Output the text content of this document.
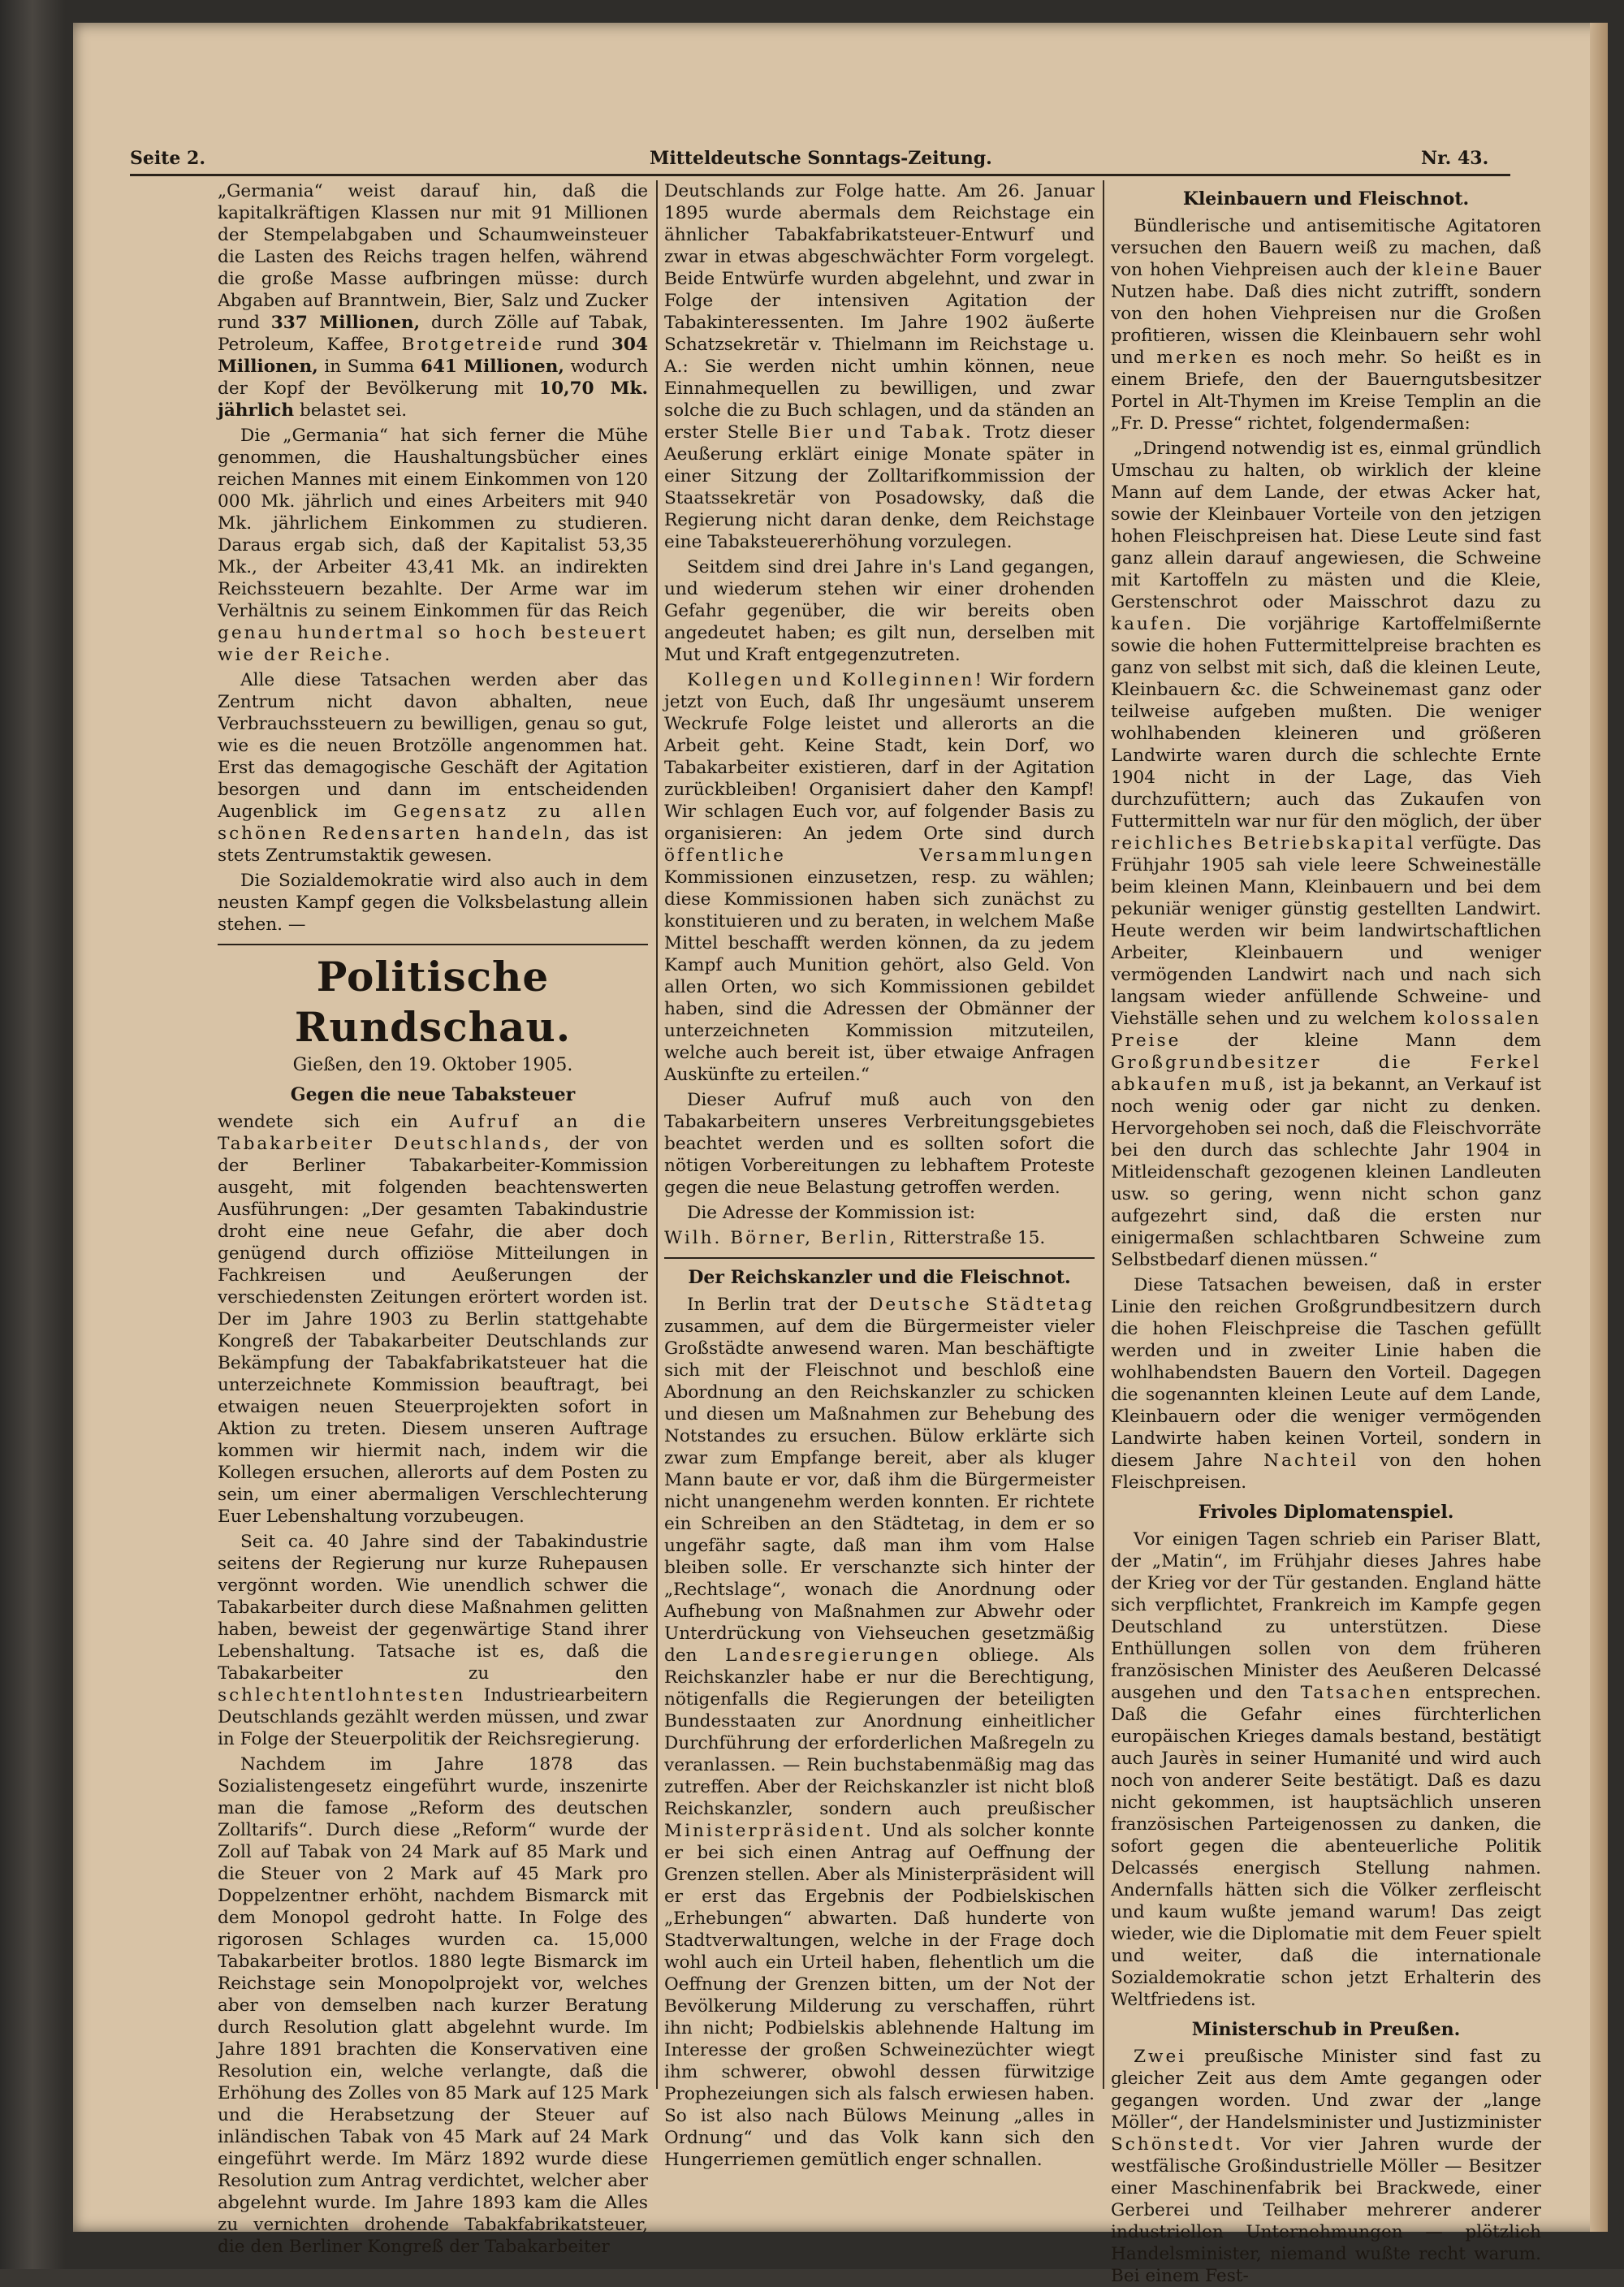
Seite 2.	Mitteldeutsche Sonntags-Zeitung.	Nr. 43.

„Germania“ weist darauf hin, daß die kapitalkräftigen Klassen nur mit 91 Millionen der Stempelabgaben und Schaumweinsteuer die Lasten des Reichs tragen helfen, während die große Masse aufbringen müsse: durch Abgaben auf Branntwein, Bier, Salz und Zucker rund 337 Millionen, durch Zölle auf Tabak, Petroleum, Kaffee, Brotgetreide rund 304 Millionen, in Summa 641 Millionen, wodurch der Kopf der Bevölkerung mit 10,70 Mk. jährlich belastet sei.

Die „Germania“ hat sich ferner die Mühe genommen, die Haushaltungsbücher eines reichen Mannes mit einem Einkommen von 120 000 Mk. jährlich und eines Arbeiters mit 940 Mk. jährlichem Einkommen zu studieren. Daraus ergab sich, daß der Kapitalist 53,35 Mk., der Arbeiter 43,41 Mk. an indirekten Reichssteuern bezahlte. Der Arme war im Verhältnis zu seinem Einkommen für das Reich genau hundertmal so hoch besteuert wie der Reiche.

Alle diese Tatsachen werden aber das Zentrum nicht davon abhalten, neue Verbrauchssteuern zu bewilligen, genau so gut, wie es die neuen Brotzölle angenommen hat. Erst das demagogische Geschäft der Agitation besorgen und dann im entscheidenden Augenblick im Gegensatz zu allen schönen Redensarten handeln, das ist stets Zentrumstaktik gewesen.

Die Sozialdemokratie wird also auch in dem neusten Kampf gegen die Volksbelastung allein stehen. —

Politische Rundschau.
Gießen, den 19. Oktober 1905.
Gegen die neue Tabaksteuer

wendete sich ein Aufruf an die Tabakarbeiter Deutschlands, der von der Berliner Tabakarbeiter-Kommission ausgeht, mit folgenden beachtenswerten Ausführungen: „Der gesamten Tabakindustrie droht eine neue Gefahr, die aber doch genügend durch offiziöse Mitteilungen in Fachkreisen und Aeußerungen der verschiedensten Zeitungen erörtert worden ist. Der im Jahre 1903 zu Berlin stattgehabte Kongreß der Tabakarbeiter Deutschlands zur Bekämpfung der Tabakfabrikatsteuer hat die unterzeichnete Kommission beauftragt, bei etwaigen neuen Steuerprojekten sofort in Aktion zu treten. Diesem unseren Auftrage kommen wir hiermit nach, indem wir die Kollegen ersuchen, allerorts auf dem Posten zu sein, um einer abermaligen Verschlechterung Euer Lebenshaltung vorzubeugen.

Seit ca. 40 Jahre sind der Tabakindustrie seitens der Regierung nur kurze Ruhepausen vergönnt worden. Wie unendlich schwer die Tabakarbeiter durch diese Maßnahmen gelitten haben, beweist der gegenwärtige Stand ihrer Lebenshaltung. Tatsache ist es, daß die Tabakarbeiter zu den schlechtentlohntesten Industriearbeitern Deutschlands gezählt werden müssen, und zwar in Folge der Steuerpolitik der Reichsregierung.

Nachdem im Jahre 1878 das Sozialistengesetz eingeführt wurde, inszenirte man die famose „Reform des deutschen Zolltarifs“. Durch diese „Reform“ wurde der Zoll auf Tabak von 24 Mark auf 85 Mark und die Steuer von 2 Mark auf 45 Mark pro Doppelzentner erhöht, nachdem Bismarck mit dem Monopol gedroht hatte. In Folge des rigorosen Schlages wurden ca. 15,000 Tabakarbeiter brotlos. 1880 legte Bismarck im Reichstage sein Monopolprojekt vor, welches aber von demselben nach kurzer Beratung durch Resolution glatt abgelehnt wurde. Im Jahre 1891 brachten die Konservativen eine Resolution ein, welche verlangte, daß die Erhöhung des Zolles von 85 Mark auf 125 Mark und die Herabsetzung der Steuer auf inländischen Tabak von 45 Mark auf 24 Mark eingeführt werde. Im März 1892 wurde diese Resolution zum Antrag verdichtet, welcher aber abgelehnt wurde. Im Jahre 1893 kam die Alles zu vernichten drohende Tabakfabrikatsteuer, die den Berliner Kongreß der Tabakarbeiter

Deutschlands zur Folge hatte. Am 26. Januar 1895 wurde abermals dem Reichstage ein ähnlicher Tabakfabrikatsteuer-Entwurf und zwar in etwas abgeschwächter Form vorgelegt. Beide Entwürfe wurden abgelehnt, und zwar in Folge der intensiven Agitation der Tabakinteressenten. Im Jahre 1902 äußerte Schatzsekretär v. Thielmann im Reichstage u. A.: Sie werden nicht umhin können, neue Einnahmequellen zu bewilligen, und zwar solche die zu Buch schlagen, und da ständen an erster Stelle Bier und Tabak. Trotz dieser Aeußerung erklärt einige Monate später in einer Sitzung der Zolltarifkommission der Staatssekretär von Posadowsky, daß die Regierung nicht daran denke, dem Reichstage eine Tabaksteuererhöhung vorzulegen.

Seitdem sind drei Jahre in's Land gegangen, und wiederum stehen wir einer drohenden Gefahr gegenüber, die wir bereits oben angedeutet haben; es gilt nun, derselben mit Mut und Kraft entgegenzutreten.

Kollegen und Kolleginnen! Wir fordern jetzt von Euch, daß Ihr ungesäumt unserem Weckrufe Folge leistet und allerorts an die Arbeit geht. Keine Stadt, kein Dorf, wo Tabakarbeiter existieren, darf in der Agitation zurückbleiben! Organisiert daher den Kampf! Wir schlagen Euch vor, auf folgender Basis zu organisieren: An jedem Orte sind durch öffentliche Versammlungen Kommissionen einzusetzen, resp. zu wählen; diese Kommissionen haben sich zunächst zu konstituieren und zu beraten, in welchem Maße Mittel beschafft werden können, da zu jedem Kampf auch Munition gehört, also Geld. Von allen Orten, wo sich Kommissionen gebildet haben, sind die Adressen der Obmänner der unterzeichneten Kommission mitzuteilen, welche auch bereit ist, über etwaige Anfragen Auskünfte zu erteilen.“

Dieser Aufruf muß auch von den Tabakarbeitern unseres Verbreitungsgebietes beachtet werden und es sollten sofort die nötigen Vorbereitungen zu lebhaftem Proteste gegen die neue Belastung getroffen werden.

Die Adresse der Kommission ist:

Wilh. Börner, Berlin, Ritterstraße 15.

Der Reichskanzler und die Fleischnot.

In Berlin trat der Deutsche Städtetag zusammen, auf dem die Bürgermeister vieler Großstädte anwesend waren. Man beschäftigte sich mit der Fleischnot und beschloß eine Abordnung an den Reichskanzler zu schicken und diesen um Maßnahmen zur Behebung des Notstandes zu ersuchen. Bülow erklärte sich zwar zum Empfange bereit, aber als kluger Mann baute er vor, daß ihm die Bürgermeister nicht unangenehm werden konnten. Er richtete ein Schreiben an den Städtetag, in dem er so ungefähr sagte, daß man ihm vom Halse bleiben solle. Er verschanzte sich hinter der „Rechtslage“, wonach die Anordnung oder Aufhebung von Maßnahmen zur Abwehr oder Unterdrückung von Viehseuchen gesetzmäßig den Landesregierungen obliege. Als Reichskanzler habe er nur die Berechtigung, nötigenfalls die Regierungen der beteiligten Bundesstaaten zur Anordnung einheitlicher Durchführung der erforderlichen Maßregeln zu veranlassen. — Rein buchstabenmäßig mag das zutreffen. Aber der Reichskanzler ist nicht bloß Reichskanzler, sondern auch preußischer Ministerpräsident. Und als solcher konnte er bei sich einen Antrag auf Oeffnung der Grenzen stellen. Aber als Ministerpräsident will er erst das Ergebnis der Podbielskischen „Erhebungen“ abwarten. Daß hunderte von Stadtverwaltungen, welche in der Frage doch wohl auch ein Urteil haben, flehentlich um die Oeffnung der Grenzen bitten, um der Not der Bevölkerung Milderung zu verschaffen, rührt ihn nicht; Podbielskis ablehnende Haltung im Interesse der großen Schweinezüchter wiegt ihm schwerer, obwohl dessen fürwitzige Prophezeiungen sich als falsch erwiesen haben. So ist also nach Bülows Meinung „alles in Ordnung“ und das Volk kann sich den Hungerriemen gemütlich enger schnallen.

Kleinbauern und Fleischnot.

Bündlerische und antisemitische Agitatoren versuchen den Bauern weiß zu machen, daß von hohen Viehpreisen auch der kleine Bauer Nutzen habe. Daß dies nicht zutrifft, sondern von den hohen Viehpreisen nur die Großen profitieren, wissen die Kleinbauern sehr wohl und merken es noch mehr. So heißt es in einem Briefe, den der Bauerngutsbesitzer Portel in Alt-Thymen im Kreise Templin an die „Fr. D. Presse“ richtet, folgendermaßen:

„Dringend notwendig ist es, einmal gründlich Umschau zu halten, ob wirklich der kleine Mann auf dem Lande, der etwas Acker hat, sowie der Kleinbauer Vorteile von den jetzigen hohen Fleischpreisen hat. Diese Leute sind fast ganz allein darauf angewiesen, die Schweine mit Kartoffeln zu mästen und die Kleie, Gerstenschrot oder Maisschrot dazu zu kaufen. Die vorjährige Kartoffelmißernte sowie die hohen Futtermittelpreise brachten es ganz von selbst mit sich, daß die kleinen Leute, Kleinbauern &c. die Schweinemast ganz oder teilweise aufgeben mußten. Die weniger wohlhabenden kleineren und größeren Landwirte waren durch die schlechte Ernte 1904 nicht in der Lage, das Vieh durchzufüttern; auch das Zukaufen von Futtermitteln war nur für den möglich, der über reichliches Betriebskapital verfügte. Das Frühjahr 1905 sah viele leere Schweineställe beim kleinen Mann, Kleinbauern und bei dem pekuniär weniger günstig gestellten Landwirt. Heute werden wir beim landwirtschaftlichen Arbeiter, Kleinbauern und weniger vermögenden Landwirt nach und nach sich langsam wieder anfüllende Schweine- und Viehställe sehen und zu welchem kolossalen Preise	der kleine Mann dem Großgrundbesitzer die Ferkel abkaufen muß, ist ja bekannt, an Verkauf ist noch wenig oder gar nicht zu denken. Hervorgehoben sei noch, daß die Fleischvorräte bei den durch das schlechte Jahr 1904 in Mitleidenschaft gezogenen kleinen Landleuten usw. so gering, wenn nicht schon ganz aufgezehrt sind, daß die ersten nur einigermaßen schlachtbaren Schweine zum Selbstbedarf dienen müssen.“

Diese Tatsachen beweisen, daß in erster Linie den reichen Großgrundbesitzern durch die hohen Fleischpreise die Taschen gefüllt werden und in zweiter Linie haben die wohlhabendsten Bauern den Vorteil. Dagegen die sogenannten kleinen Leute auf dem Lande, Kleinbauern oder die weniger vermögenden Landwirte haben keinen Vorteil, sondern in diesem Jahre Nachteil von den hohen Fleischpreisen.

Frivoles Diplomatenspiel.

Vor einigen Tagen schrieb ein Pariser Blatt, der „Matin“, im Frühjahr dieses Jahres habe der Krieg vor der Tür gestanden. England hätte sich verpflichtet, Frankreich im Kampfe gegen Deutschland zu unterstützen. Diese Enthüllungen sollen von dem früheren französischen Minister des Aeußeren Delcassé ausgehen und den Tatsachen entsprechen. Daß die Gefahr eines fürchterlichen europäischen Krieges damals bestand, bestätigt auch Jaurès in seiner Humanité und wird auch noch von anderer Seite bestätigt. Daß es dazu nicht gekommen, ist hauptsächlich unseren französischen Parteigenossen zu danken, die sofort gegen die abenteuerliche Politik Delcassés energisch Stellung nahmen. Andernfalls hätten sich die Völker zerfleischt und kaum wußte jemand warum! Das zeigt wieder, wie die Diplomatie mit dem Feuer spielt und weiter, daß die internationale Sozialdemokratie schon jetzt Erhalterin des Weltfriedens ist.

Ministerschub in Preußen.

Zwei preußische Minister sind fast zu gleicher Zeit aus dem Amte gegangen oder gegangen worden. Und zwar der „lange Möller“, der Handelsminister und Justizminister Schönstedt. Vor vier Jahren wurde der westfälische Großindustrielle Möller — Besitzer einer Maschinenfabrik bei Brackwede, einer Gerberei und Teilhaber mehrerer anderer industriellen Unternehmungen — plötzlich Handelsminister, niemand wußte recht warum. Bei einem Fest-
